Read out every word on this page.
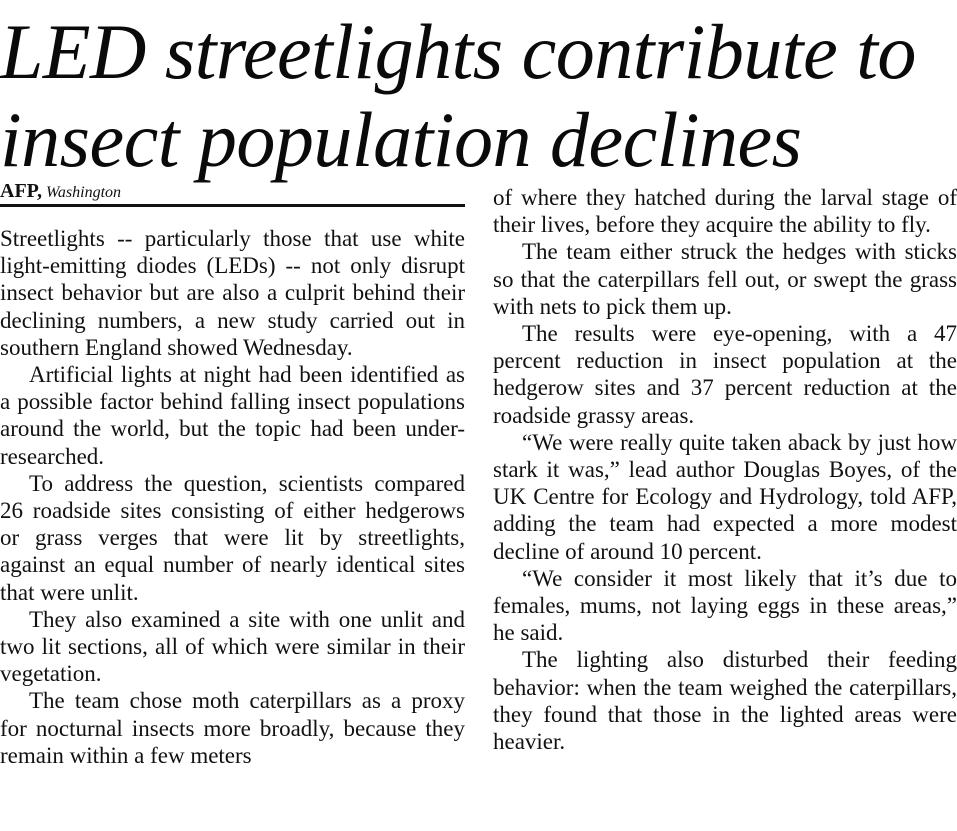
LED streetlights contribute to insect population declines
AFP, Washington

Streetlights -- particularly those that use white light-emitting diodes (LEDs) -- not only disrupt insect behavior but are also a culprit behind their declining numbers, a new study carried out in southern England showed Wednesday.

Artificial lights at night had been identified as a possible factor behind falling insect populations around the world, but the topic had been under-researched.

To address the question, scientists compared 26 roadside sites consisting of either hedgerows or grass verges that were lit by streetlights, against an equal number of nearly identical sites that were unlit.

They also examined a site with one unlit and two lit sections, all of which were similar in their vegetation.

The team chose moth caterpillars as a proxy for nocturnal insects more broadly, because they remain within a few meters

of where they hatched during the larval stage of their lives, before they acquire the ability to fly.

The team either struck the hedges with sticks so that the caterpillars fell out, or swept the grass with nets to pick them up.

The results were eye-opening, with a 47 percent reduction in insect population at the hedgerow sites and 37 percent reduction at the roadside grassy areas.

“We were really quite taken aback by just how stark it was,” lead author Douglas Boyes, of the UK Centre for Ecology and Hydrology, told AFP, adding the team had expected a more modest decline of around 10 percent.

“We consider it most likely that it’s due to females, mums, not laying eggs in these areas,” he said.

The lighting also disturbed their feeding behavior: when the team weighed the caterpillars, they found that those in the lighted areas were heavier.
